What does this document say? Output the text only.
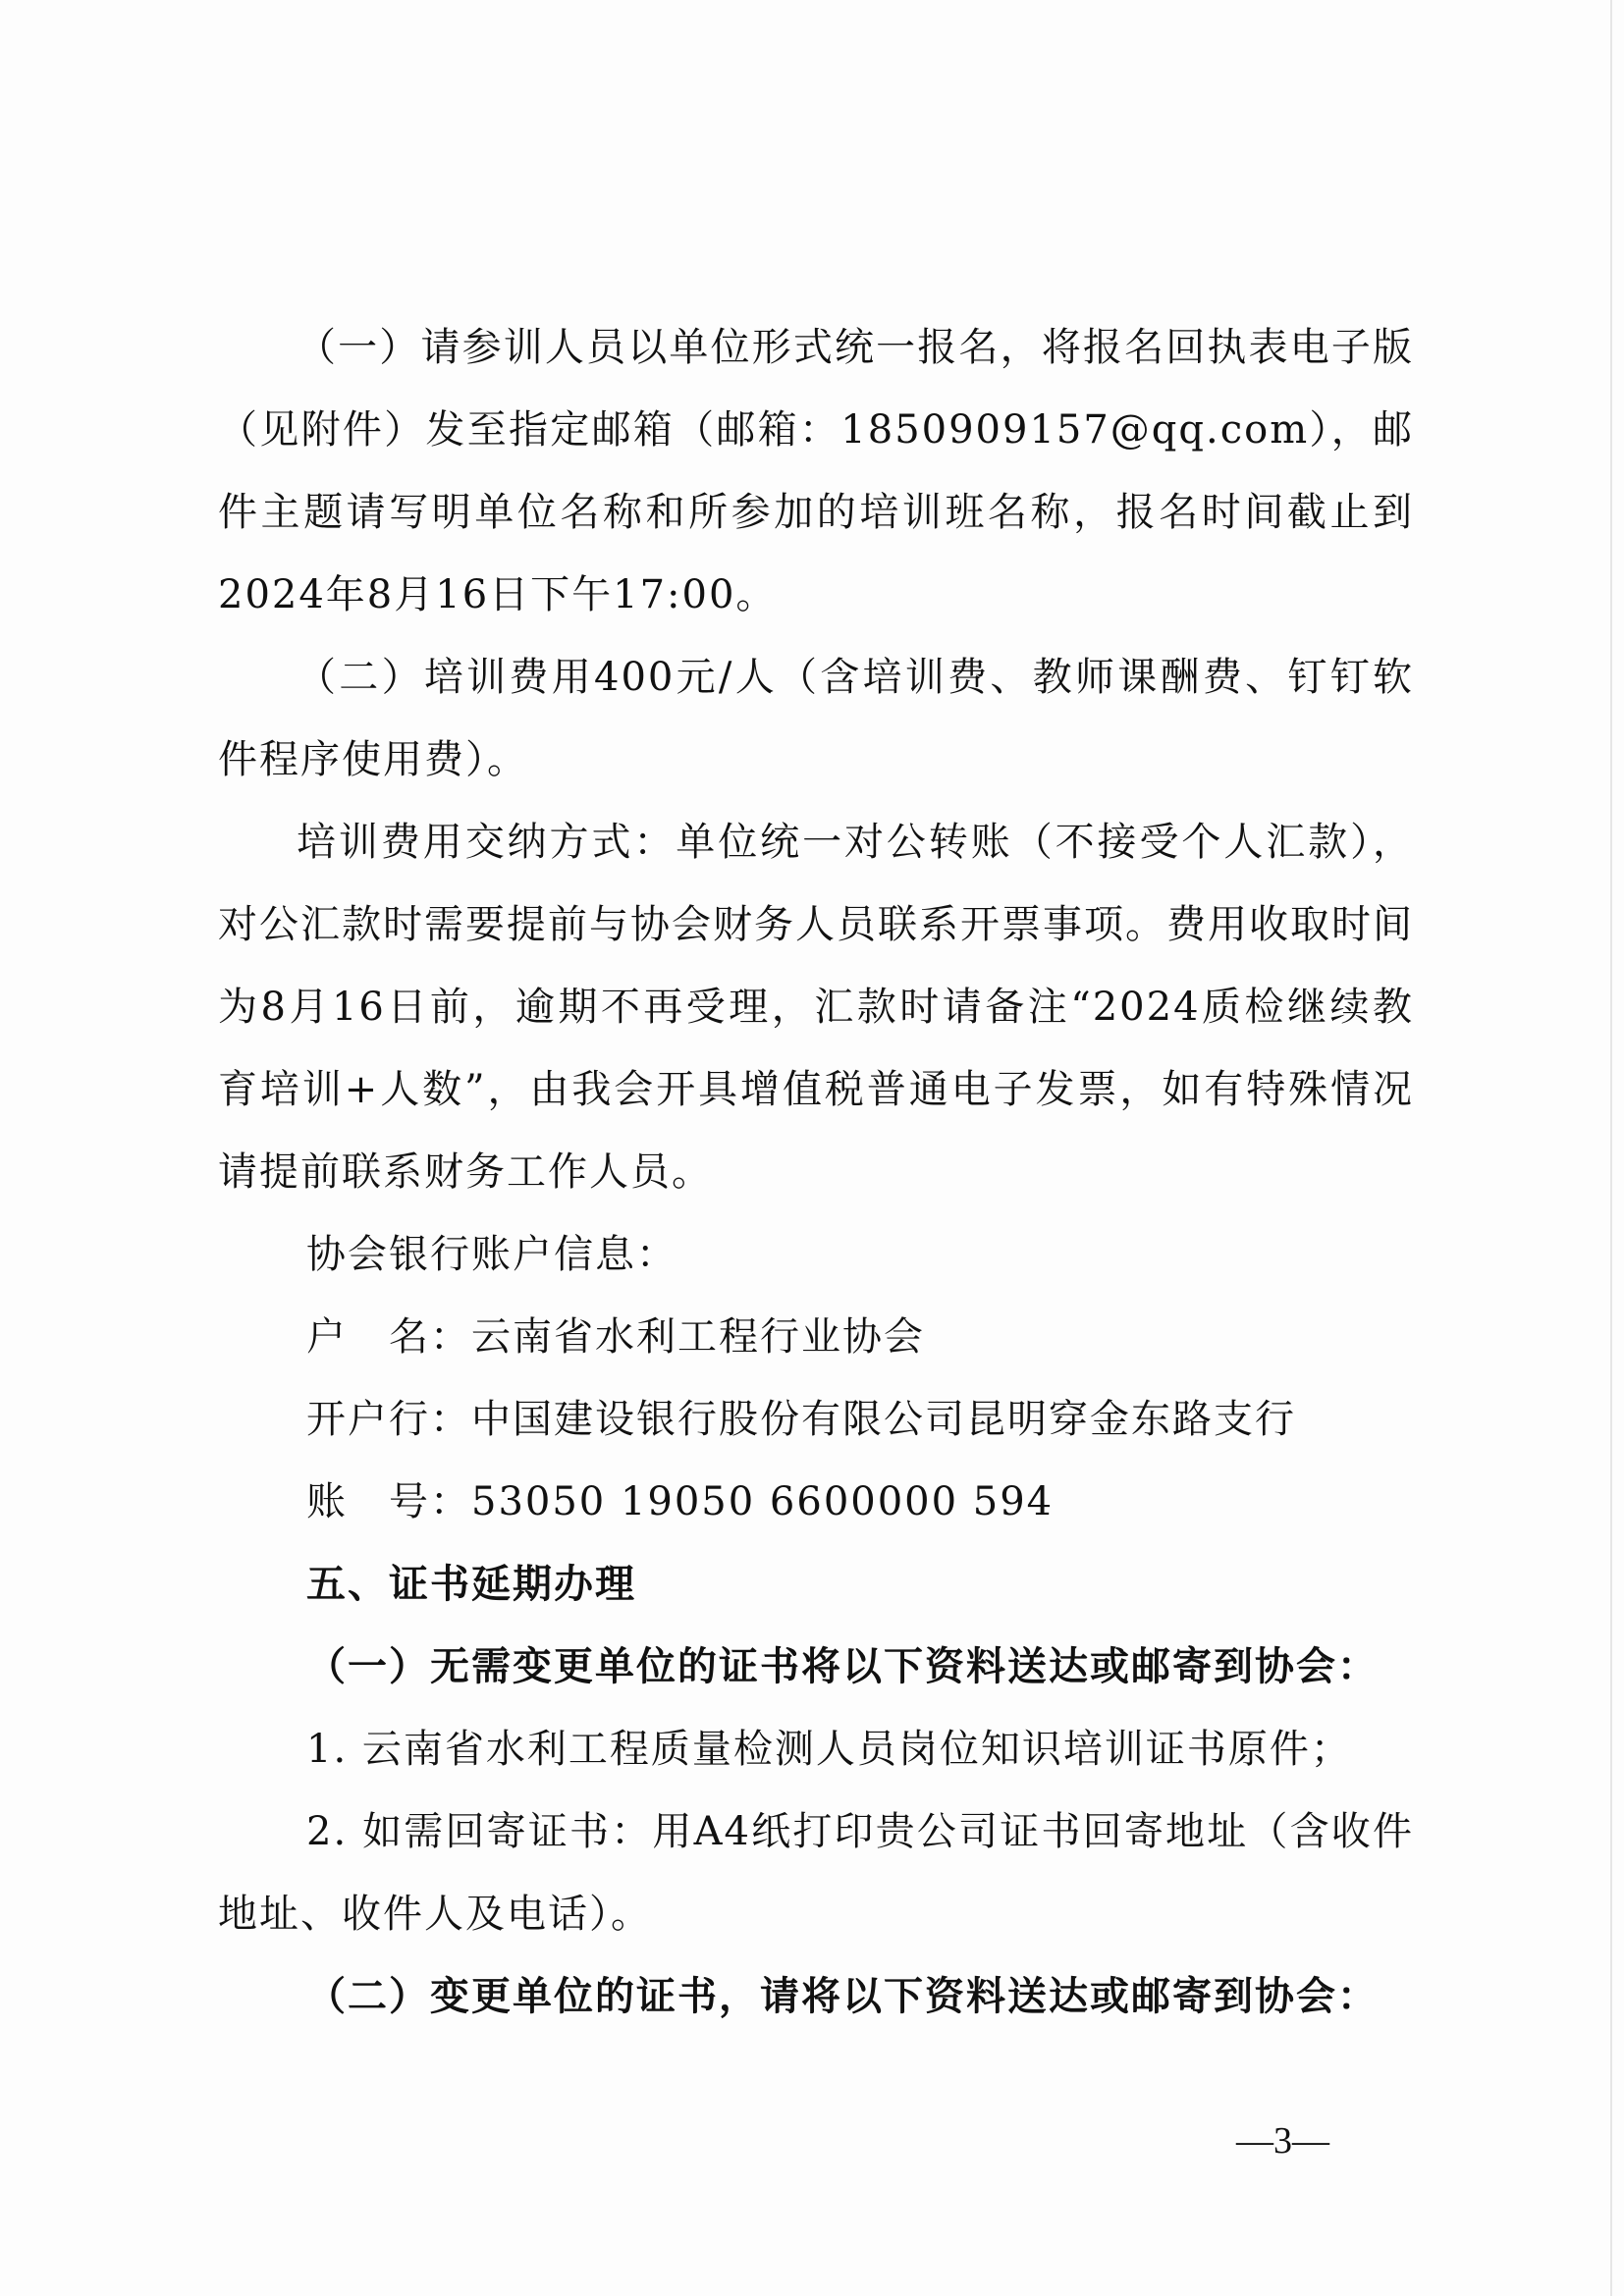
（一）请参训人员以单位形式统一报名，将报名回执表电子版（见附件）发至指定邮箱（邮箱：1850909157@qq.com），邮件主题请写明单位名称和所参加的培训班名称，报名时间截止到2024年8月16日下午17:00。

（二）培训费用400元/人（含培训费、教师课酬费、钉钉软件程序使用费）。

培训费用交纳方式：单位统一对公转账（不接受个人汇款），对公汇款时需要提前与协会财务人员联系开票事项。费用收取时间为8月16日前，逾期不再受理，汇款时请备注“2024质检继续教育培训+人数”，由我会开具增值税普通电子发票，如有特殊情况请提前联系财务工作人员。

协会银行账户信息：

户　名：云南省水利工程行业协会

开户行：中国建设银行股份有限公司昆明穿金东路支行

账　号：53050 19050 6600000 594

五、证书延期办理

（一）无需变更单位的证书将以下资料送达或邮寄到协会：

1. 云南省水利工程质量检测人员岗位知识培训证书原件；

2. 如需回寄证书：用A4纸打印贵公司证书回寄地址（含收件地址、收件人及电话）。

（二）变更单位的证书，请将以下资料送达或邮寄到协会：

—3—
